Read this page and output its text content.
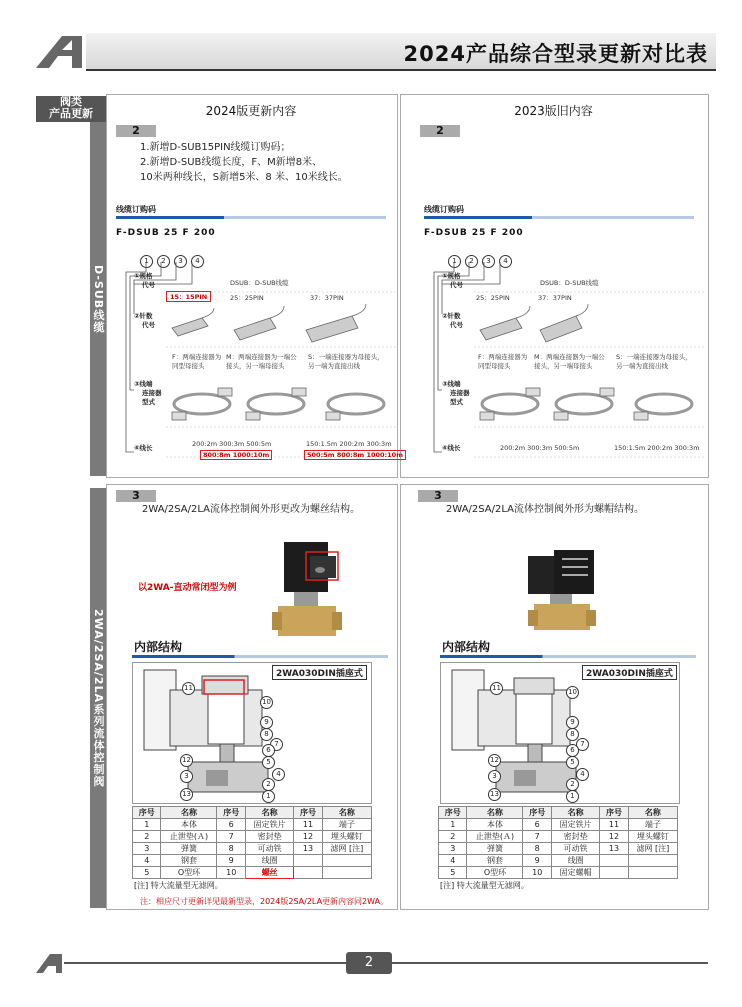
2024产品综合型录更新对比表
阀类
产品更新
D-SUB线缆
2024版更新内容	2023版旧内容
2	2
1.新增D-SUB15PIN线缆订购码；
2.新增D-SUB线缆长度，F、M新增8米、
10米两种线长，S新增5米、8 米、10米线长。
线缆订购码
F-DSUB 25 F 200
1 2 3 4
①规格
代号	DSUB：D-SUB线缆
②针数
代号
15：15PIN	25：25PIN	37：37PIN
③线端
连接器
型式
F：两端连接器为
同型母接头
M：两端连接器为一端公
接头，另一端母接头
S：一端连接器为母接头，
另一端为直接出线
④线长	200:2m 300:3m 500:5m
800:8m 1000:10m
150:1.5m 200:2m 300:3m
500:5m 800:8m 1000:10m
线缆订购码
F-DSUB 25 F 200
1 2 3 4
①规格
代号	DSUB：D-SUB线缆
②针数
代号
25：25PIN	37：37PIN
③线端
连接器
型式
F：两端连接器为
同型母接头
M：两端连接器为一端公
接头，另一端母接头
S：一端连接器为母接头，
另一端为直接出线
④线长	200:2m 300:3m 500:5m	150:1.5m 200:2m 300:3m
2WA/2SA/2LA系列流体控制阀
3	3
2WA/2SA/2LA流体控制阀外形更改为螺丝结构。	2WA/2SA/2LA流体控制阀外形为螺帽结构。
以2WA-直动常闭型为例
内部结构
2WA030DIN插座式
11
10
9
8
7
6
5
12
3	4
2
1
13
序号	名称	序号	名称	序号	名称
1	本体	6	固定铁片	11	端子
2	止泄垫(Ａ)	7	密封垫	12	埋头螺钉
3	弹簧	8	可动铁	13	滤网 [注]
4	钢套	9	线圈		
5	O型环	10	螺丝		
[注] 特大流量型无滤网。
注：相应尺寸更新详见最新型录，2024版2SA/2LA更新内容同2WA。
内部结构
2WA030DIN插座式
11	10
9
8
7
6
5
12
3	4
2
1
13
序号	名称	序号	名称	序号	名称
1	本体	6	固定铁片	11	端子
2	止泄垫(Ａ)	7	密封垫	12	埋头螺钉
3	弹簧	8	可动铁	13	滤网 [注]
4	钢套	9	线圈		
5	O型环	10	固定螺帽		
[注] 特大流量型无滤网。
2
